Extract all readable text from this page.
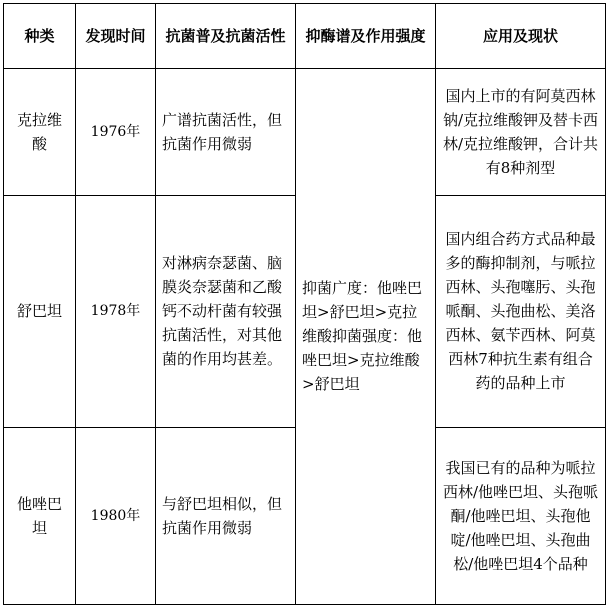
种类	发现时间	抗菌普及抗菌活性	抑酶谱及作用强度	应用及现状
克拉维酸	1976年	广谱抗菌活性，但抗菌作用微弱	抑菌广度：他唑巴坦>舒巴坦>克拉维酸抑菌强度：他唑巴坦>克拉维酸>舒巴坦	国内上市的有阿莫西林钠/克拉维酸钾及替卡西林/克拉维酸钾，合计共有8种剂型
舒巴坦	1978年	对淋病奈瑟菌、脑膜炎奈瑟菌和乙酸钙不动杆菌有较强抗菌活性，对其他菌的作用均甚差。		国内组合药方式品种最多的酶抑制剂，与哌拉西林、头孢噻肟、头孢哌酮、头孢曲松、美洛西林、氨苄西林、阿莫西林7种抗生素有组合药的品种上市
他唑巴坦	1980年	与舒巴坦相似，但抗菌作用微弱		我国已有的品种为哌拉西林/他唑巴坦、头孢哌酮/他唑巴坦、头孢他啶/他唑巴坦、头孢曲松/他唑巴坦4个品种
